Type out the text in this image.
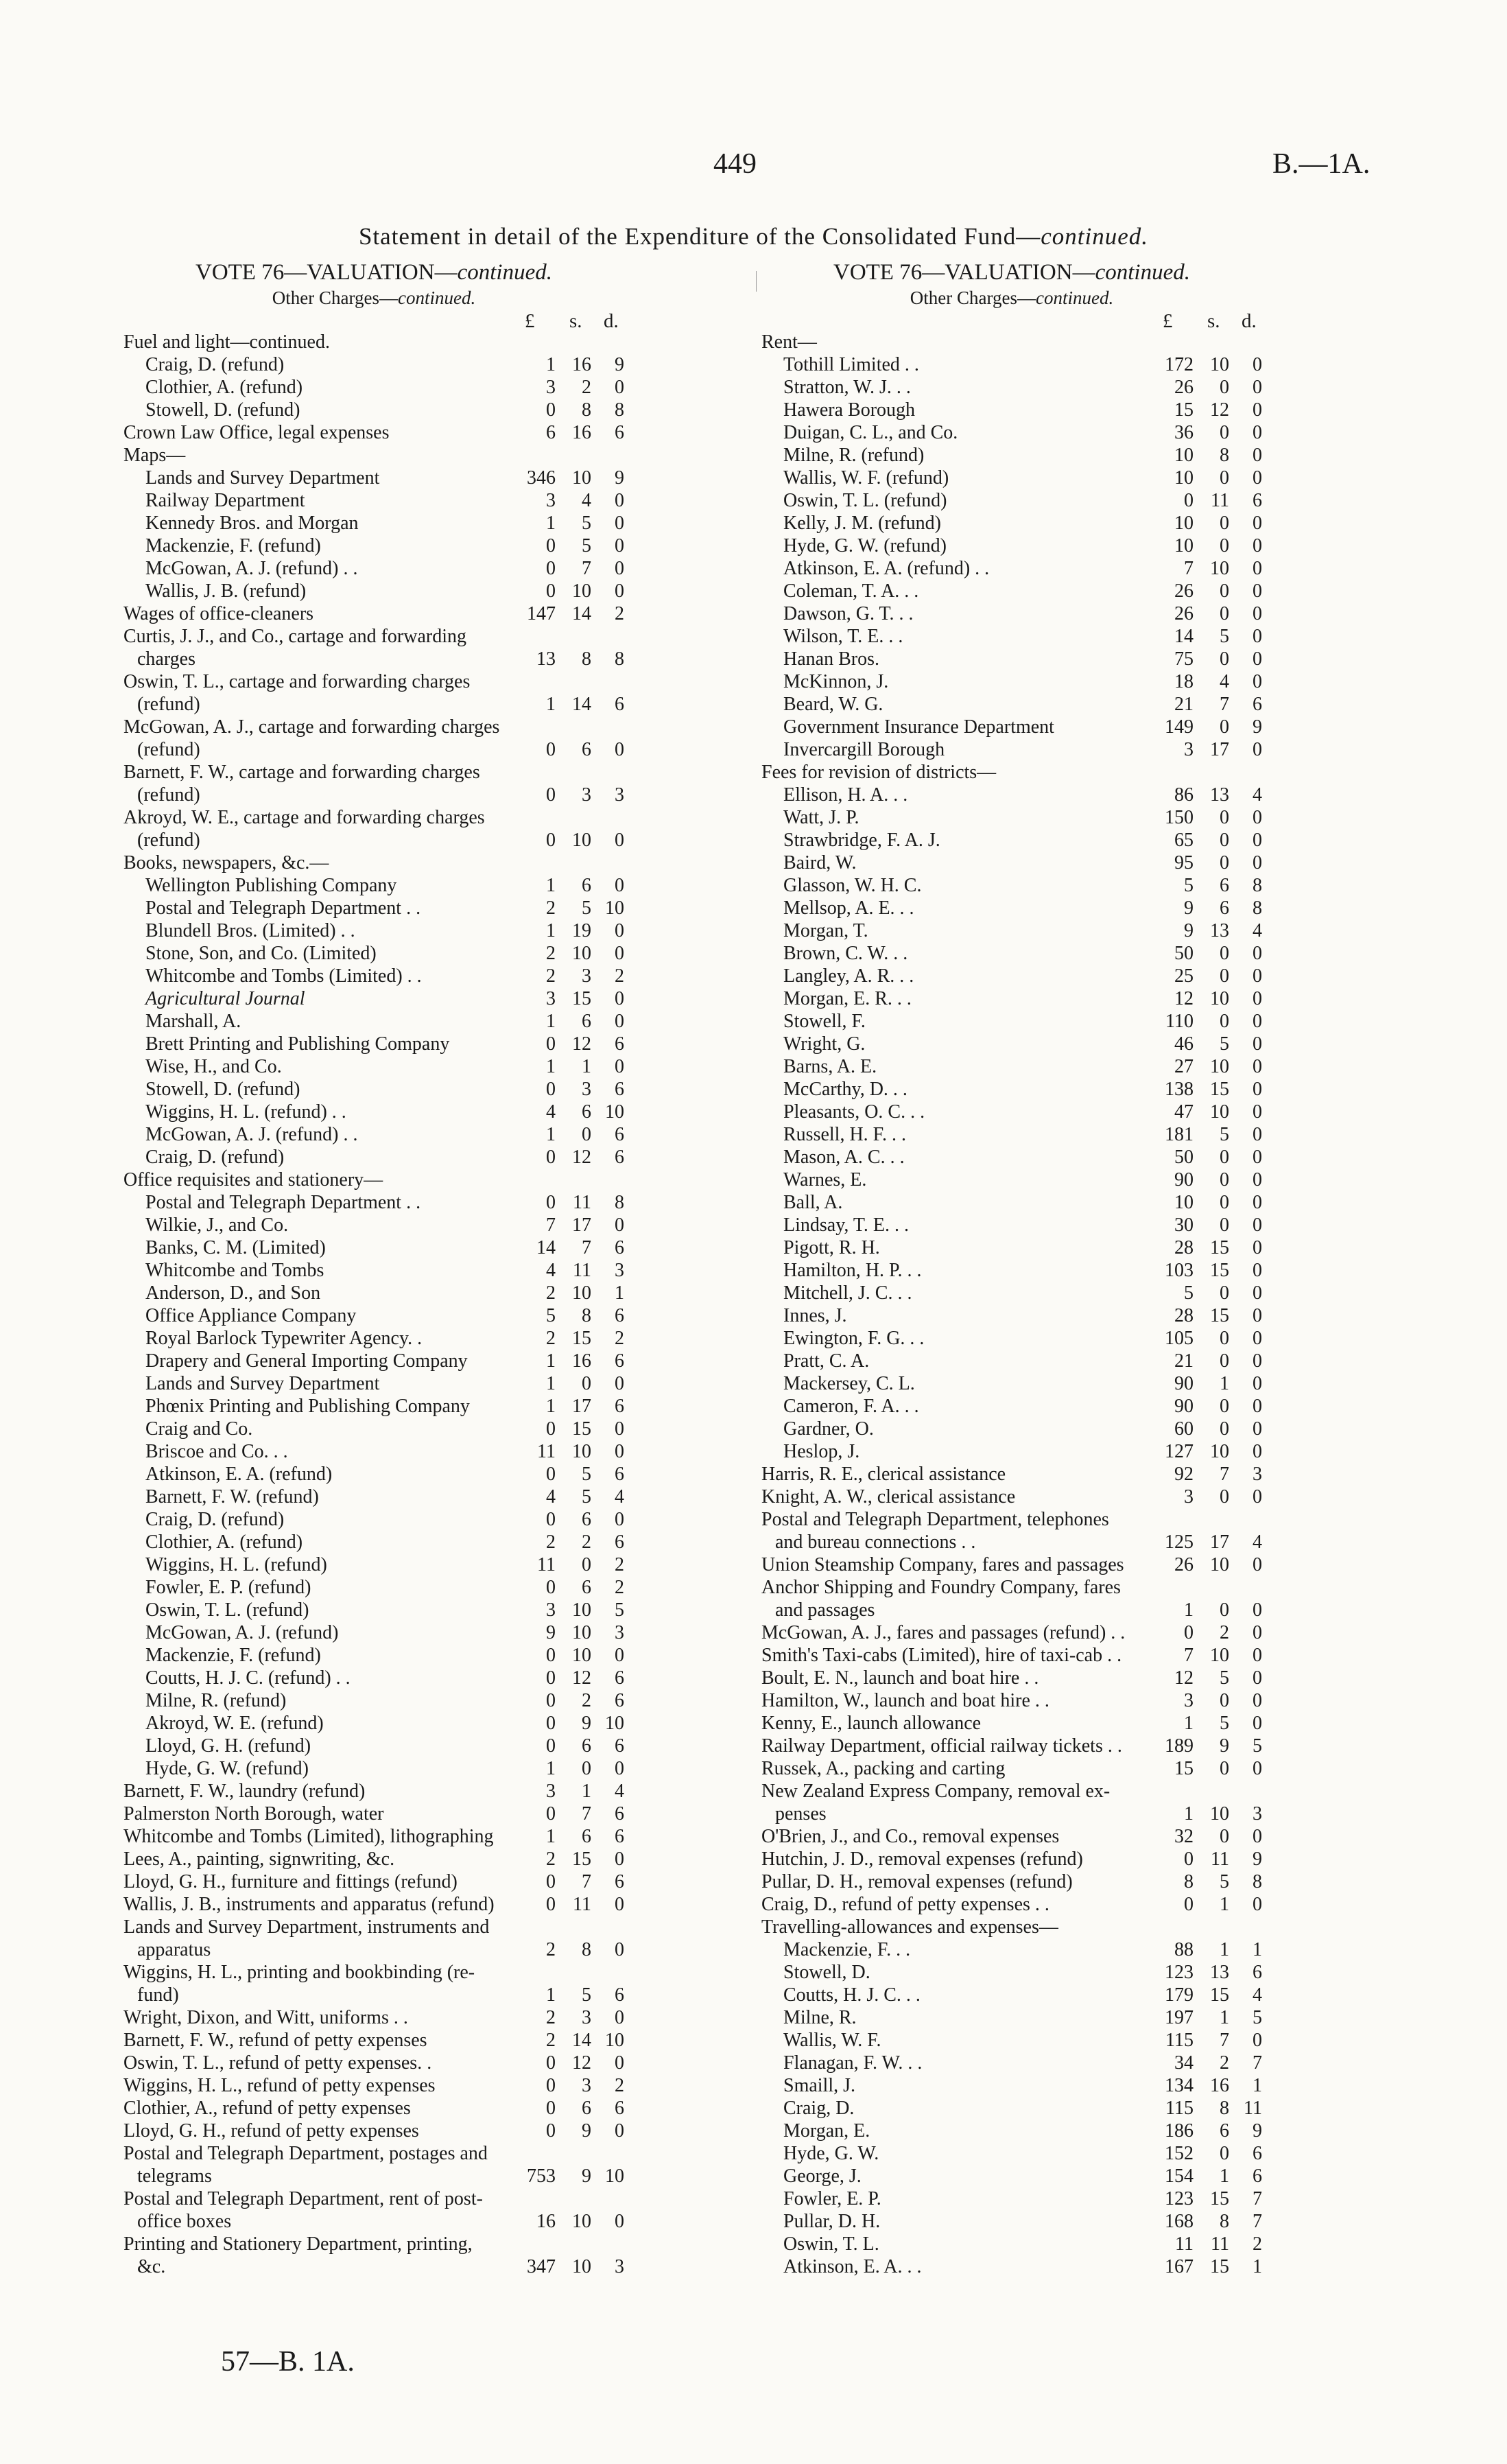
449	B.—1A.
Statement in detail of the Expenditure of the Consolidated Fund—continued.
VOTE 76—VALUATION—continued.
Other Charges—continued.
£ s. d.
Fuel and light—continued.
Craig, D. (refund)	1 16	9
Clothier, A. (refund)	3	2	0
Stowell, D. (refund)	0	8	8
Crown Law Office, legal expenses	6 16	6
Maps—
Lands and Survey Department	346 10	9
Railway Department	3	4	0
Kennedy Bros. and Morgan	1	5	0
Mackenzie, F. (refund)	0	5	0
McGowan, A. J. (refund) . .	0	7	0
Wallis, J. B. (refund)	0 10	0
Wages of office-cleaners	147 14	2
Curtis, J. J., and Co., cartage and forwarding
charges	13	8	8
Oswin, T. L., cartage and forwarding charges
(refund)	1 14	6
McGowan, A. J., cartage and forwarding charges
(refund)	0	6	0
Barnett, F. W., cartage and forwarding charges
(refund)	0	3	3
Akroyd, W. E., cartage and forwarding charges
(refund)	0 10	0
Books, newspapers, &c.—
Wellington Publishing Company	1	6	0
Postal and Telegraph Department . .	2	5 10
Blundell Bros. (Limited) . .	1 19	0
Stone, Son, and Co. (Limited)	2 10	0
Whitcombe and Tombs (Limited) . .	2	3	2
Agricultural Journal	3 15	0
Marshall, A.	1	6	0
Brett Printing and Publishing Company	0 12	6
Wise, H., and Co.	1	1	0
Stowell, D. (refund)	0	3	6
Wiggins, H. L. (refund) . .	4	6 10
McGowan, A. J. (refund) . .	1	0	6
Craig, D. (refund)	0 12	6
Office requisites and stationery—
Postal and Telegraph Department . .	0 11	8
Wilkie, J., and Co.	7 17	0
Banks, C. M. (Limited)	14	7	6
Whitcombe and Tombs	4 11	3
Anderson, D., and Son	2 10	1
Office Appliance Company	5	8	6
Royal Barlock Typewriter Agency. .	2 15	2
Drapery and General Importing Company	1 16	6
Lands and Survey Department	1	0	0
Phœnix Printing and Publishing Company	1 17	6
Craig and Co.	0 15	0
Briscoe and Co. . .	11 10	0
Atkinson, E. A. (refund)	0	5	6
Barnett, F. W. (refund)	4	5	4
Craig, D. (refund)	0	6	0
Clothier, A. (refund)	2	2	6
Wiggins, H. L. (refund)	11	0	2
Fowler, E. P. (refund)	0	6	2
Oswin, T. L. (refund)	3 10	5
McGowan, A. J. (refund)	9 10	3
Mackenzie, F. (refund)	0 10	0
Coutts, H. J. C. (refund) . .	0 12	6
Milne, R. (refund)	0	2	6
Akroyd, W. E. (refund)	0	9 10
Lloyd, G. H. (refund)	0	6	6
Hyde, G. W. (refund)	1	0	0
Barnett, F. W., laundry (refund)	3	1	4
Palmerston North Borough, water	0	7	6
Whitcombe and Tombs (Limited), lithographing	1	6	6
Lees, A., painting, signwriting, &c.	2 15	0
Lloyd, G. H., furniture and fittings (refund)	0	7	6
Wallis, J. B., instruments and apparatus (refund)	0 11	0
Lands and Survey Department, instruments and
apparatus	2	8	0
Wiggins, H. L., printing and bookbinding (re-
fund)	1	5	6
Wright, Dixon, and Witt, uniforms . .	2	3	0
Barnett, F. W., refund of petty expenses	2 14 10
Oswin, T. L., refund of petty expenses. .	0 12	0
Wiggins, H. L., refund of petty expenses	0	3	2
Clothier, A., refund of petty expenses	0	6	6
Lloyd, G. H., refund of petty expenses	0	9	0
Postal and Telegraph Department, postages and
telegrams	753	9 10
Postal and Telegraph Department, rent of post-
office boxes	16 10	0
Printing and Stationery Department, printing,
&c.	347 10	3
VOTE 76—VALUATION—continued.
Other Charges—continued.
£ s. d.
Rent—
Tothill Limited . .	172 10	0
Stratton, W. J. . .	26	0	0
Hawera Borough	15 12	0
Duigan, C. L., and Co.	36	0	0
Milne, R. (refund)	10	8	0
Wallis, W. F. (refund)	10	0	0
Oswin, T. L. (refund)	0 11	6
Kelly, J. M. (refund)	10	0	0
Hyde, G. W. (refund)	10	0	0
Atkinson, E. A. (refund) . .	7 10	0
Coleman, T. A. . .	26	0	0
Dawson, G. T. . .	26	0	0
Wilson, T. E. . .	14	5	0
Hanan Bros.	75	0	0
McKinnon, J.	18	4	0
Beard, W. G.	21	7	6
Government Insurance Department	149	0	9
Invercargill Borough	3 17	0
Fees for revision of districts—
Ellison, H. A. . .	86 13	4
Watt, J. P.	150	0	0
Strawbridge, F. A. J.	65	0	0
Baird, W.	95	0	0
Glasson, W. H. C.	5	6	8
Mellsop, A. E. . .	9	6	8
Morgan, T.	9 13	4
Brown, C. W. . .	50	0	0
Langley, A. R. . .	25	0	0
Morgan, E. R. . .	12 10	0
Stowell, F.	110	0	0
Wright, G.	46	5	0
Barns, A. E.	27 10	0
McCarthy, D. . .	138 15	0
Pleasants, O. C. . .	47 10	0
Russell, H. F. . .	181	5	0
Mason, A. C. . .	50	0	0
Warnes, E.	90	0	0
Ball, A.	10	0	0
Lindsay, T. E. . .	30	0	0
Pigott, R. H.	28 15	0
Hamilton, H. P. . .	103 15	0
Mitchell, J. C. . .	5	0	0
Innes, J.	28 15	0
Ewington, F. G. . .	105	0	0
Pratt, C. A.	21	0	0
Mackersey, C. L.	90	1	0
Cameron, F. A. . .	90	0	0
Gardner, O.	60	0	0
Heslop, J.	127 10	0
Harris, R. E., clerical assistance	92	7	3
Knight, A. W., clerical assistance	3	0	0
Postal and Telegraph Department, telephones
and bureau connections . .	125 17	4
Union Steamship Company, fares and passages	26 10	0
Anchor Shipping and Foundry Company, fares
and passages	1	0	0
McGowan, A. J., fares and passages (refund) . .	0	2	0
Smith's Taxi-cabs (Limited), hire of taxi-cab . .	7 10	0
Boult, E. N., launch and boat hire . .	12	5	0
Hamilton, W., launch and boat hire . .	3	0	0
Kenny, E., launch allowance	1	5	0
Railway Department, official railway tickets . .	189	9	5
Russek, A., packing and carting	15	0	0
New Zealand Express Company, removal ex-
penses	1 10	3
O'Brien, J., and Co., removal expenses	32	0	0
Hutchin, J. D., removal expenses (refund)	0 11	9
Pullar, D. H., removal expenses (refund)	8	5	8
Craig, D., refund of petty expenses . .	0	1	0
Travelling-allowances and expenses—
Mackenzie, F. . .	88	1	1
Stowell, D.	123 13	6
Coutts, H. J. C. . .	179 15	4
Milne, R.	197	1	5
Wallis, W. F.	115	7	0
Flanagan, F. W. . .	34	2	7
Smaill, J.	134 16	1
Craig, D.	115	8 11
Morgan, E.	186	6	9
Hyde, G. W.	152	0	6
George, J.	154	1	6
Fowler, E. P.	123 15	7
Pullar, D. H.	168	8	7
Oswin, T. L.	11 11	2
Atkinson, E. A. . .	167 15	1
57—B. 1A.
